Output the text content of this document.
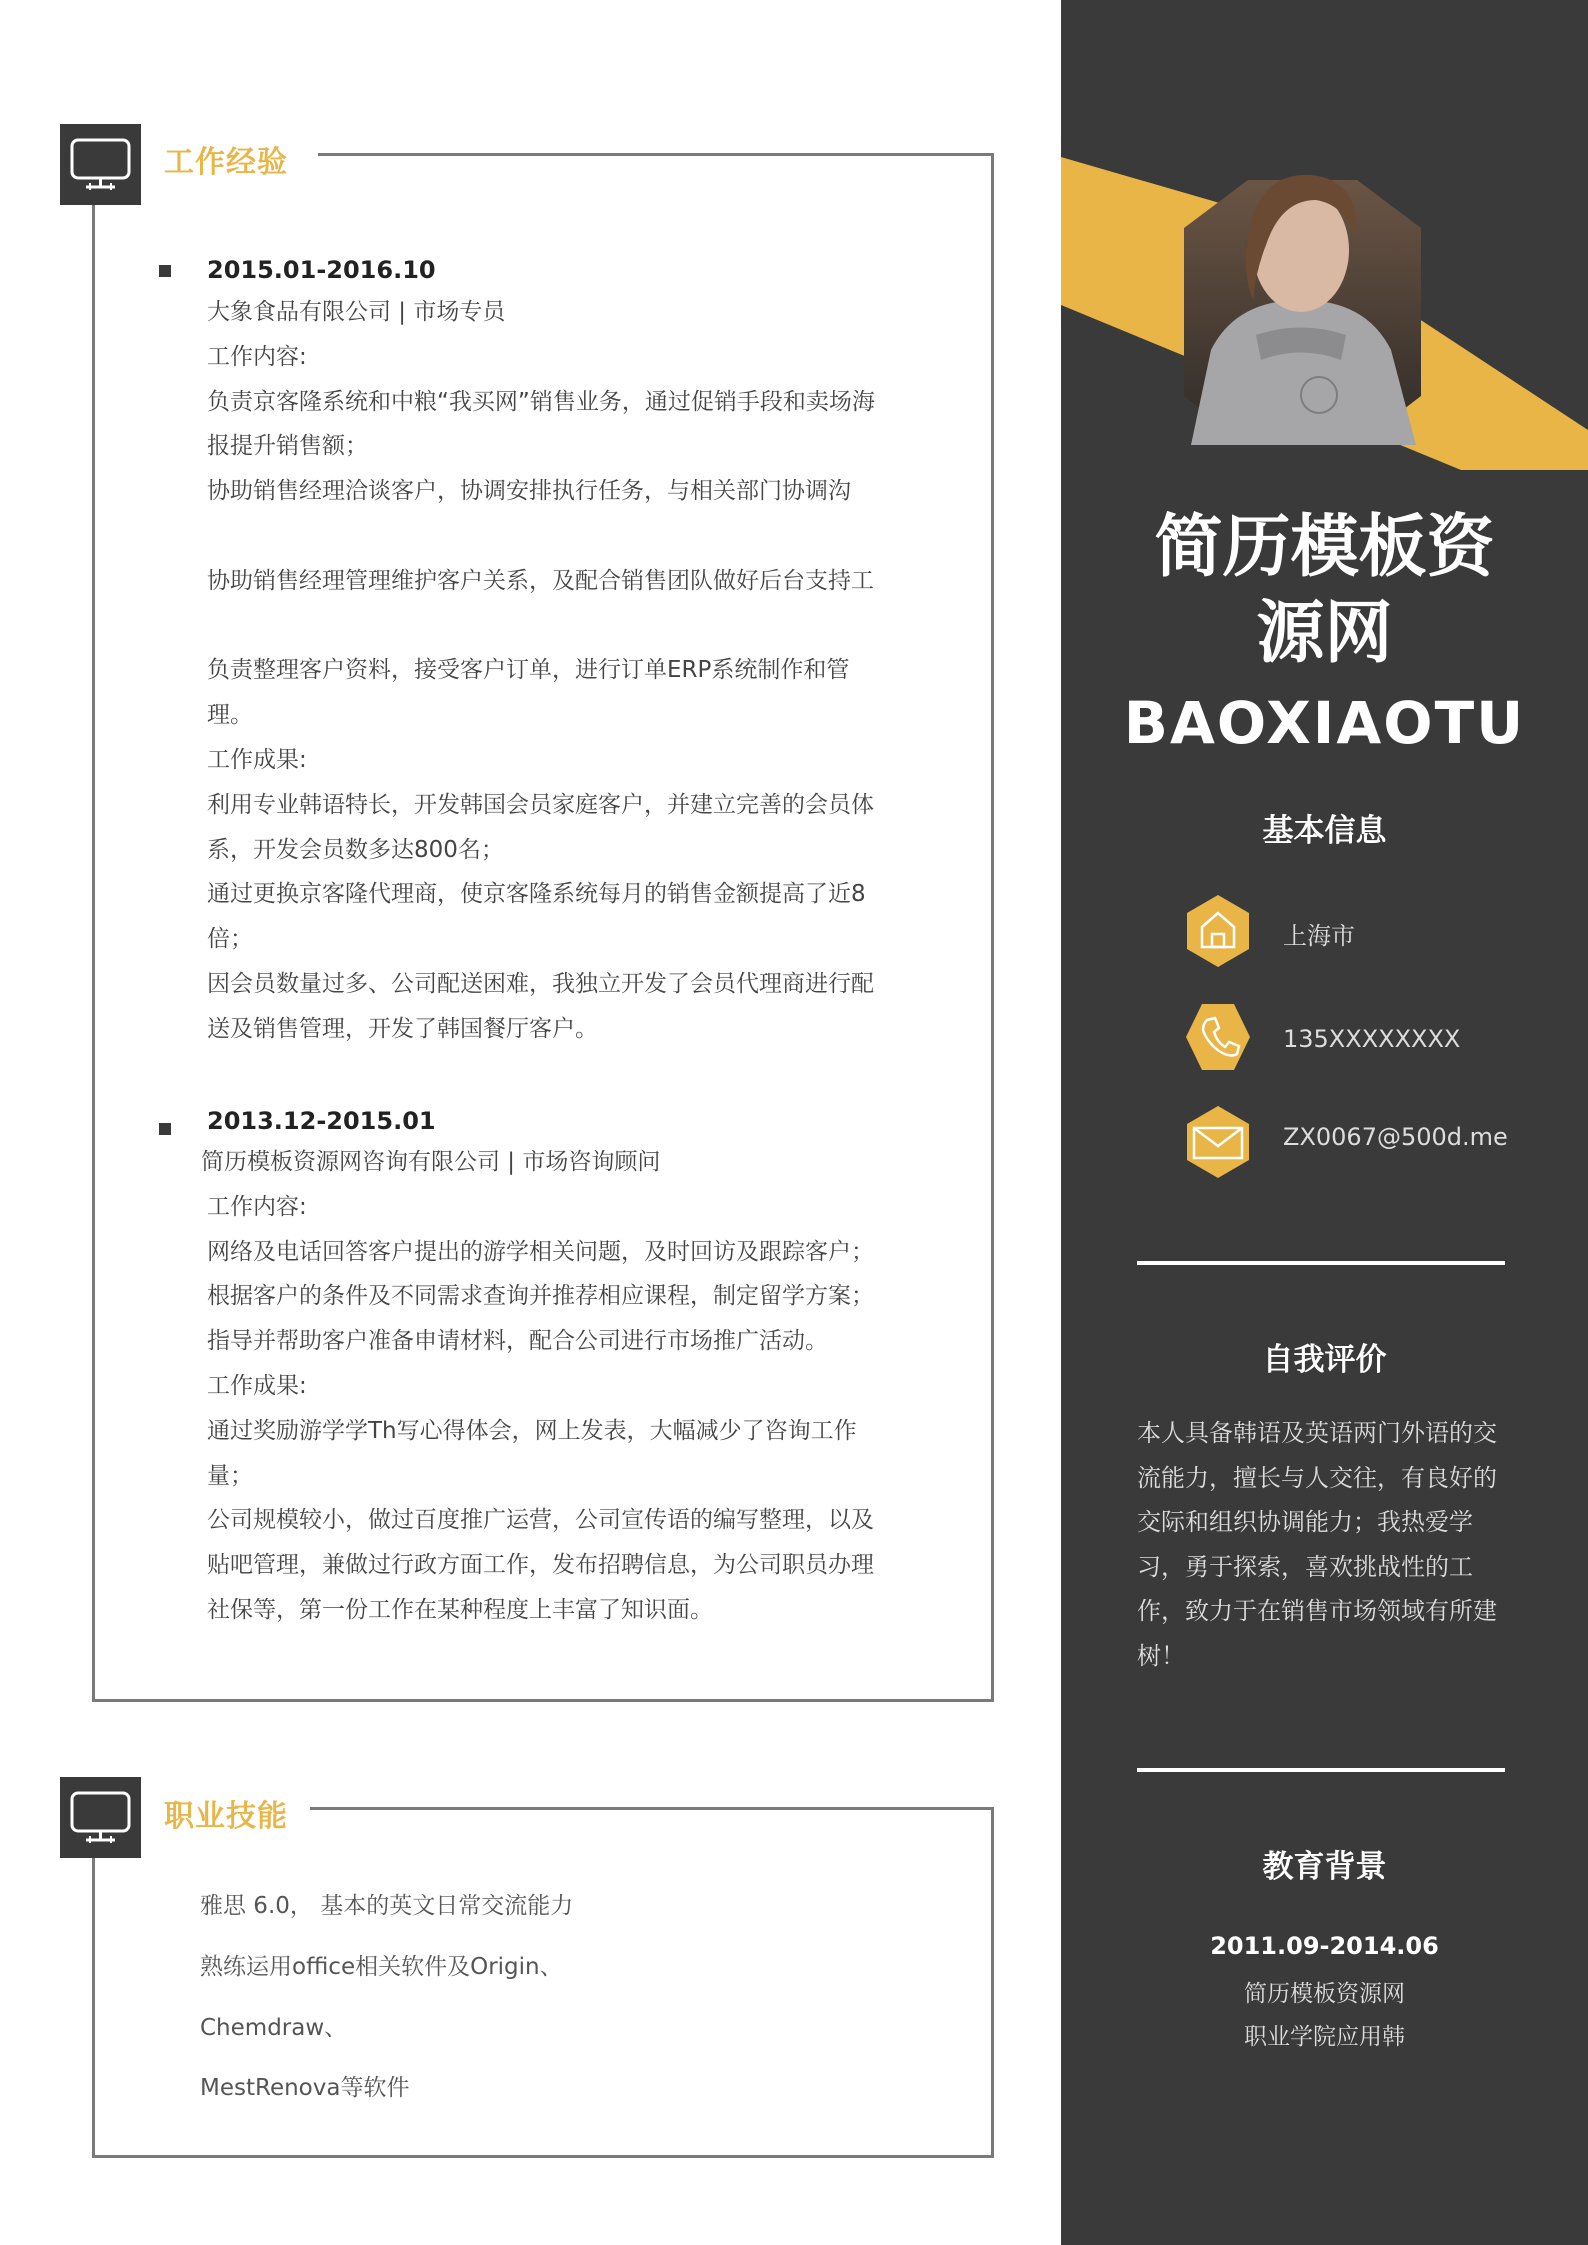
工作经验
2015.01-2016.10
大象食品有限公司 | 市场专员
工作内容:
负责京客隆系统和中粮“我买网”销售业务，通过促销手段和卖场海
报提升销售额；
协助销售经理洽谈客户，协调安排执行任务，与相关部门协调沟
协助销售经理管理维护客户关系，及配合销售团队做好后台支持工
负责整理客户资料，接受客户订单，进行订单ERP系统制作和管
理。
工作成果:
利用专业韩语特长，开发韩国会员家庭客户，并建立完善的会员体
系，开发会员数多达800名；
通过更换京客隆代理商，使京客隆系统每月的销售金额提高了近8
倍；
因会员数量过多、公司配送困难，我独立开发了会员代理商进行配
送及销售管理，开发了韩国餐厅客户。
2013.12-2015.01
简历模板资源网咨询有限公司 | 市场咨询顾问
工作内容:
网络及电话回答客户提出的游学相关问题，及时回访及跟踪客户；
根据客户的条件及不同需求查询并推荐相应课程，制定留学方案；
指导并帮助客户准备申请材料，配合公司进行市场推广活动。
工作成果:
通过奖励游学学Th写心得体会，网上发表，大幅减少了咨询工作
量；
公司规模较小，做过百度推广运营，公司宣传语的编写整理，以及
贴吧管理，兼做过行政方面工作，发布招聘信息，为公司职员办理
社保等，第一份工作在某种程度上丰富了知识面。
职业技能
雅思 6.0， 基本的英文日常交流能力
熟练运用office相关软件及Origin、
Chemdraw、
MestRenova等软件
简历模板资
源网
BAOXIAOTU
基本信息
上海市
135XXXXXXXX
ZX0067@500d.me
自我评价
本人具备韩语及英语两门外语的交
流能力，擅长与人交往，有良好的
交际和组织协调能力；我热爱学
习，勇于探索，喜欢挑战性的工
作，致力于在销售市场领域有所建
树！
教育背景
2011.09-2014.06
简历模板资源网
职业学院应用韩
